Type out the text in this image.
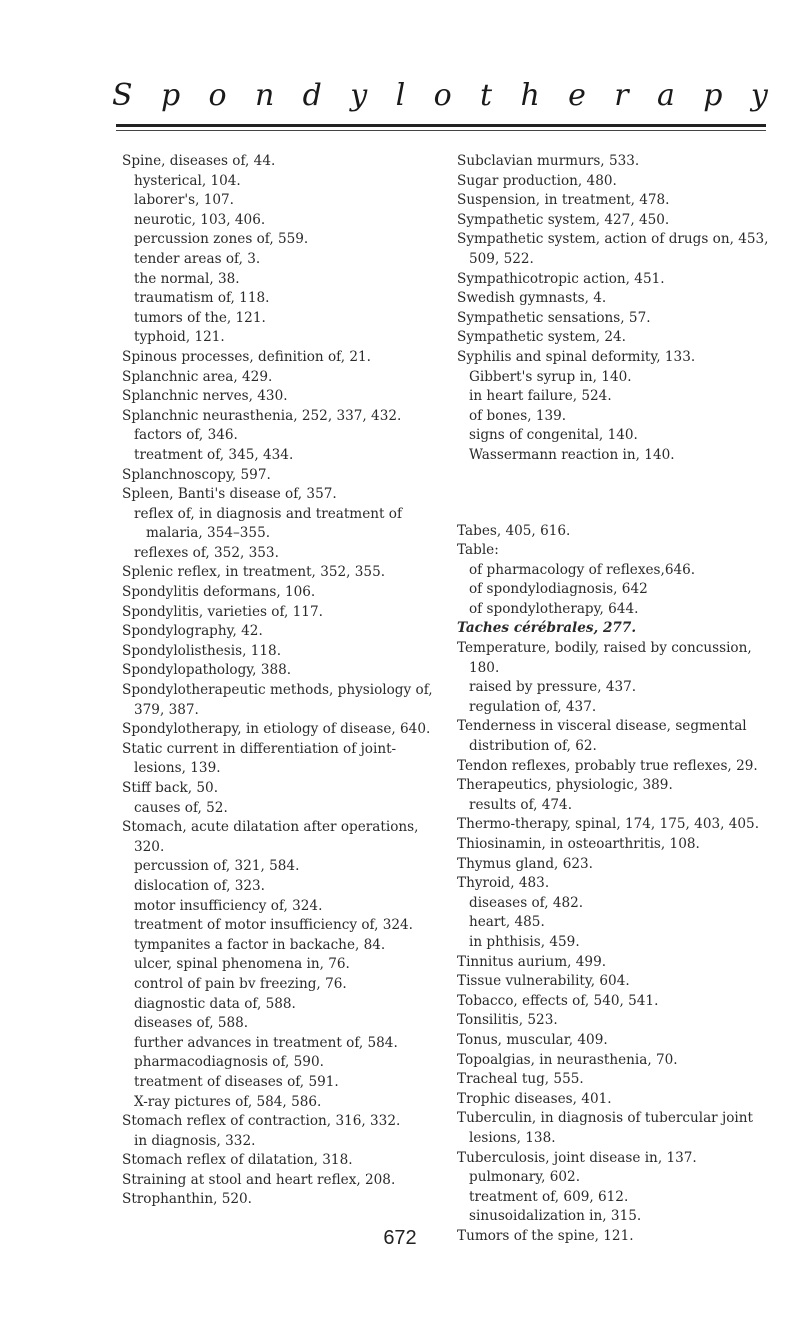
S p o n d y l o t h e r a p y
Spine, diseases of, 44.
hysterical, 104.
laborer's, 107.
neurotic, 103, 406.
percussion zones of, 559.
tender areas of, 3.
the normal, 38.
traumatism of, 118.
tumors of the, 121.
typhoid, 121.
Spinous processes, definition of, 21.
Splanchnic area, 429.
Splanchnic nerves, 430.
Splanchnic neurasthenia, 252, 337, 432.
factors of, 346.
treatment of, 345, 434.
Splanchnoscopy, 597.
Spleen, Banti's disease of, 357.
reflex of, in diagnosis and treatment of malaria, 354–355.
reflexes of, 352, 353.
Splenic reflex, in treatment, 352, 355.
Spondylitis deformans, 106.
Spondylitis, varieties of, 117.
Spondylography, 42.
Spondylolisthesis, 118.
Spondylopathology, 388.
Spondylotherapeutic methods, physiology of, 379, 387.
Spondylotherapy, in etiology of disease, 640.
Static current in differentiation of joint-lesions, 139.
Stiff back, 50.
causes of, 52.
Stomach, acute dilatation after operations, 320.
percussion of, 321, 584.
dislocation of, 323.
motor insufficiency of, 324.
treatment of motor insufficiency of, 324.
tympanites a factor in backache, 84.
ulcer, spinal phenomena in, 76.
control of pain bv freezing, 76.
diagnostic data of, 588.
diseases of, 588.
further advances in treatment of, 584.
pharmacodiagnosis of, 590.
treatment of diseases of, 591.
X-ray pictures of, 584, 586.
Stomach reflex of contraction, 316, 332.
in diagnosis, 332.
Stomach reflex of dilatation, 318.
Straining at stool and heart reflex, 208.
Strophanthin, 520.
Subclavian murmurs, 533.
Sugar production, 480.
Suspension, in treatment, 478.
Sympathetic system, 427, 450.
Sympathetic system, action of drugs on, 453, 509, 522.
Sympathicotropic action, 451.
Swedish gymnasts, 4.
Sympathetic sensations, 57.
Sympathetic system, 24.
Syphilis and spinal deformity, 133.
Gibbert's syrup in, 140.
in heart failure, 524.
of bones, 139.
signs of congenital, 140.
Wassermann reaction in, 140.
Tabes, 405, 616.
Table:
of pharmacology of reflexes,646.
of spondylodiagnosis, 642
of spondylotherapy, 644.
Taches cérébrales, 277.
Temperature, bodily, raised by concussion, 180.
raised by pressure, 437.
regulation of, 437.
Tenderness in visceral disease, segmental distribution of, 62.
Tendon reflexes, probably true reflexes, 29.
Therapeutics, physiologic, 389.
results of, 474.
Thermo-therapy, spinal, 174, 175, 403, 405.
Thiosinamin, in osteoarthritis, 108.
Thymus gland, 623.
Thyroid, 483.
diseases of, 482.
heart, 485.
in phthisis, 459.
Tinnitus aurium, 499.
Tissue vulnerability, 604.
Tobacco, effects of, 540, 541.
Tonsilitis, 523.
Tonus, muscular, 409.
Topoalgias, in neurasthenia, 70.
Tracheal tug, 555.
Trophic diseases, 401.
Tuberculin, in diagnosis of tubercular joint lesions, 138.
Tuberculosis, joint disease in, 137.
pulmonary, 602.
treatment of, 609, 612.
sinusoidalization in, 315.
Tumors of the spine, 121.
672
